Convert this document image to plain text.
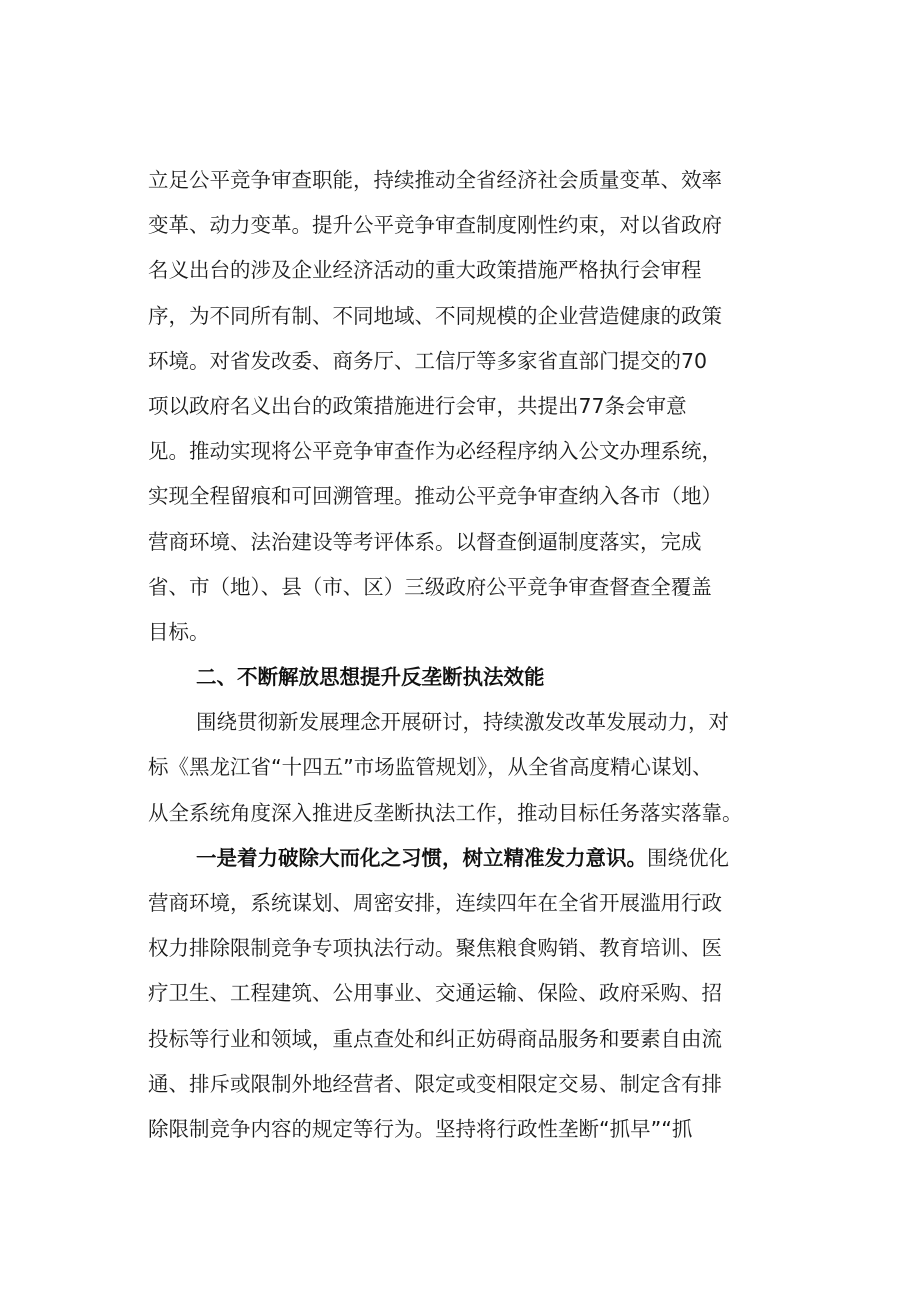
立足公平竞争审查职能，持续推动全省经济社会质量变革、效率
变革、动力变革。提升公平竞争审查制度刚性约束，对以省政府
名义出台的涉及企业经济活动的重大政策措施严格执行会审程
序，为不同所有制、不同地域、不同规模的企业营造健康的政策
环境。对省发改委、商务厅、工信厅等多家省直部门提交的70
项以政府名义出台的政策措施进行会审，共提出77条会审意
见。推动实现将公平竞争审查作为必经程序纳入公文办理系统，
实现全程留痕和可回溯管理。推动公平竞争审查纳入各市（地）
营商环境、法治建设等考评体系。以督查倒逼制度落实，完成
省、市（地）、县（市、区）三级政府公平竞争审查督查全覆盖
目标。
二、不断解放思想提升反垄断执法效能
围绕贯彻新发展理念开展研讨，持续激发改革发展动力，对
标《黑龙江省“十四五”市场监管规划》，从全省高度精心谋划、
从全系统角度深入推进反垄断执法工作，推动目标任务落实落靠。
一是着力破除大而化之习惯，树立精准发力意识。围绕优化
营商环境，系统谋划、周密安排，连续四年在全省开展滥用行政
权力排除限制竞争专项执法行动。聚焦粮食购销、教育培训、医
疗卫生、工程建筑、公用事业、交通运输、保险、政府采购、招
投标等行业和领域，重点查处和纠正妨碍商品服务和要素自由流
通、排斥或限制外地经营者、限定或变相限定交易、制定含有排
除限制竞争内容的规定等行为。坚持将行政性垄断“抓早”“抓
